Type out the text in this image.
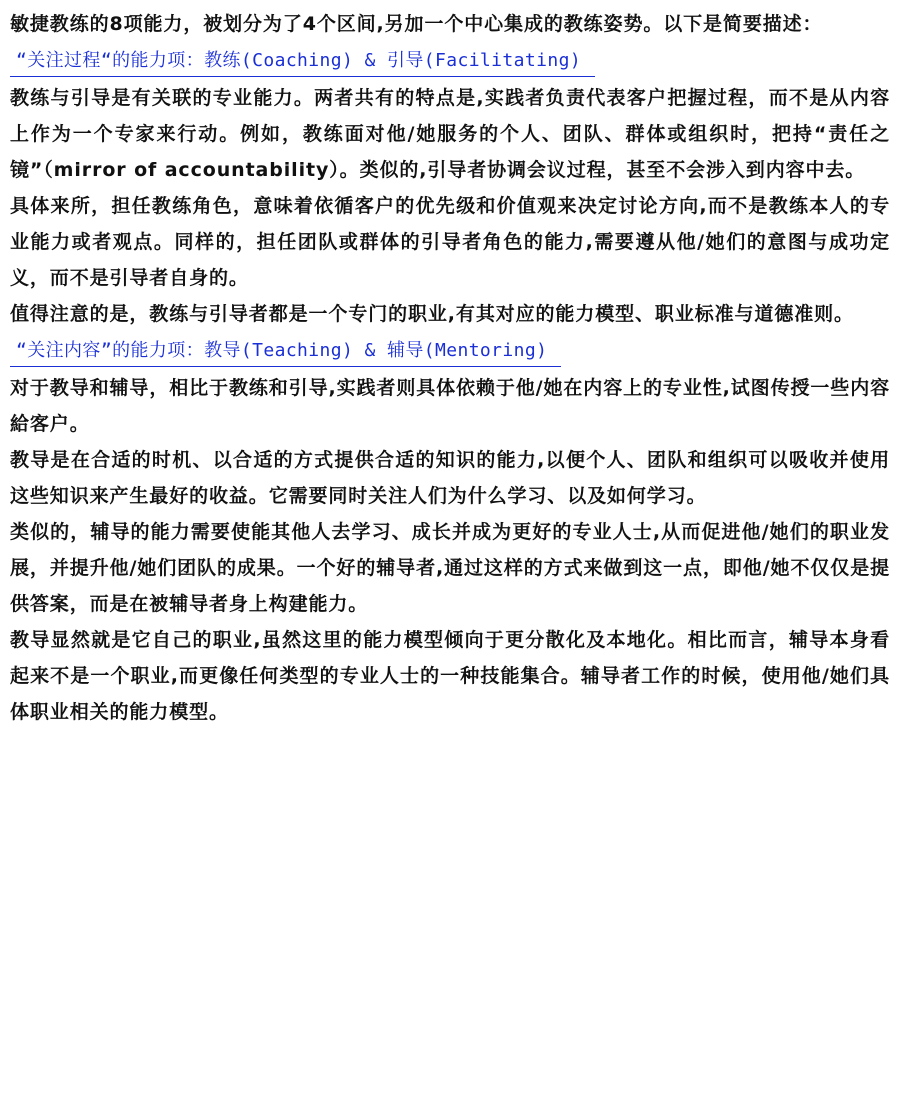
敏捷教练的8项能力，被划分为了4个区间,另加一个中心集成的教练姿势。以下是简要描述：

“关注过程“的能力项：教练(Coaching) & 引导(Facilitating)

教练与引导是有关联的专业能力。两者共有的特点是,实践者负责代表客户把握过程，而不是从内容上作为一个专家来行动。例如，教练面对他/她服务的个人、团队、群体或组织时，把持“责任之镜”（mirror of accountability）。类似的,引导者协调会议过程，甚至不会涉入到内容中去。

具体来所，担任教练角色，意味着依循客户的优先级和价值观来决定讨论方向,而不是教练本人的专业能力或者观点。同样的，担任团队或群体的引导者角色的能力,需要遵从他/她们的意图与成功定义，而不是引导者自身的。

值得注意的是，教练与引导者都是一个专门的职业,有其对应的能力模型、职业标准与道德准则。

“关注内容”的能力项：教导(Teaching) & 辅导(Mentoring)

对于教导和辅导，相比于教练和引导,实践者则具体依赖于他/她在内容上的专业性,试图传授一些内容給客户。

教导是在合适的时机、以合适的方式提供合适的知识的能力,以便个人、团队和组织可以吸收并使用这些知识来产生最好的收益。它需要同时关注人们为什么学习、以及如何学习。

类似的，辅导的能力需要使能其他人去学习、成长并成为更好的专业人士,从而促进他/她们的职业发展，并提升他/她们团队的成果。一个好的辅导者,通过这样的方式来做到这一点，即他/她不仅仅是提供答案，而是在被辅导者身上构建能力。

教导显然就是它自己的职业,虽然这里的能力模型倾向于更分散化及本地化。相比而言，辅导本身看起来不是一个职业,而更像任何类型的专业人士的一种技能集合。辅导者工作的时候，使用他/她们具体职业相关的能力模型。
